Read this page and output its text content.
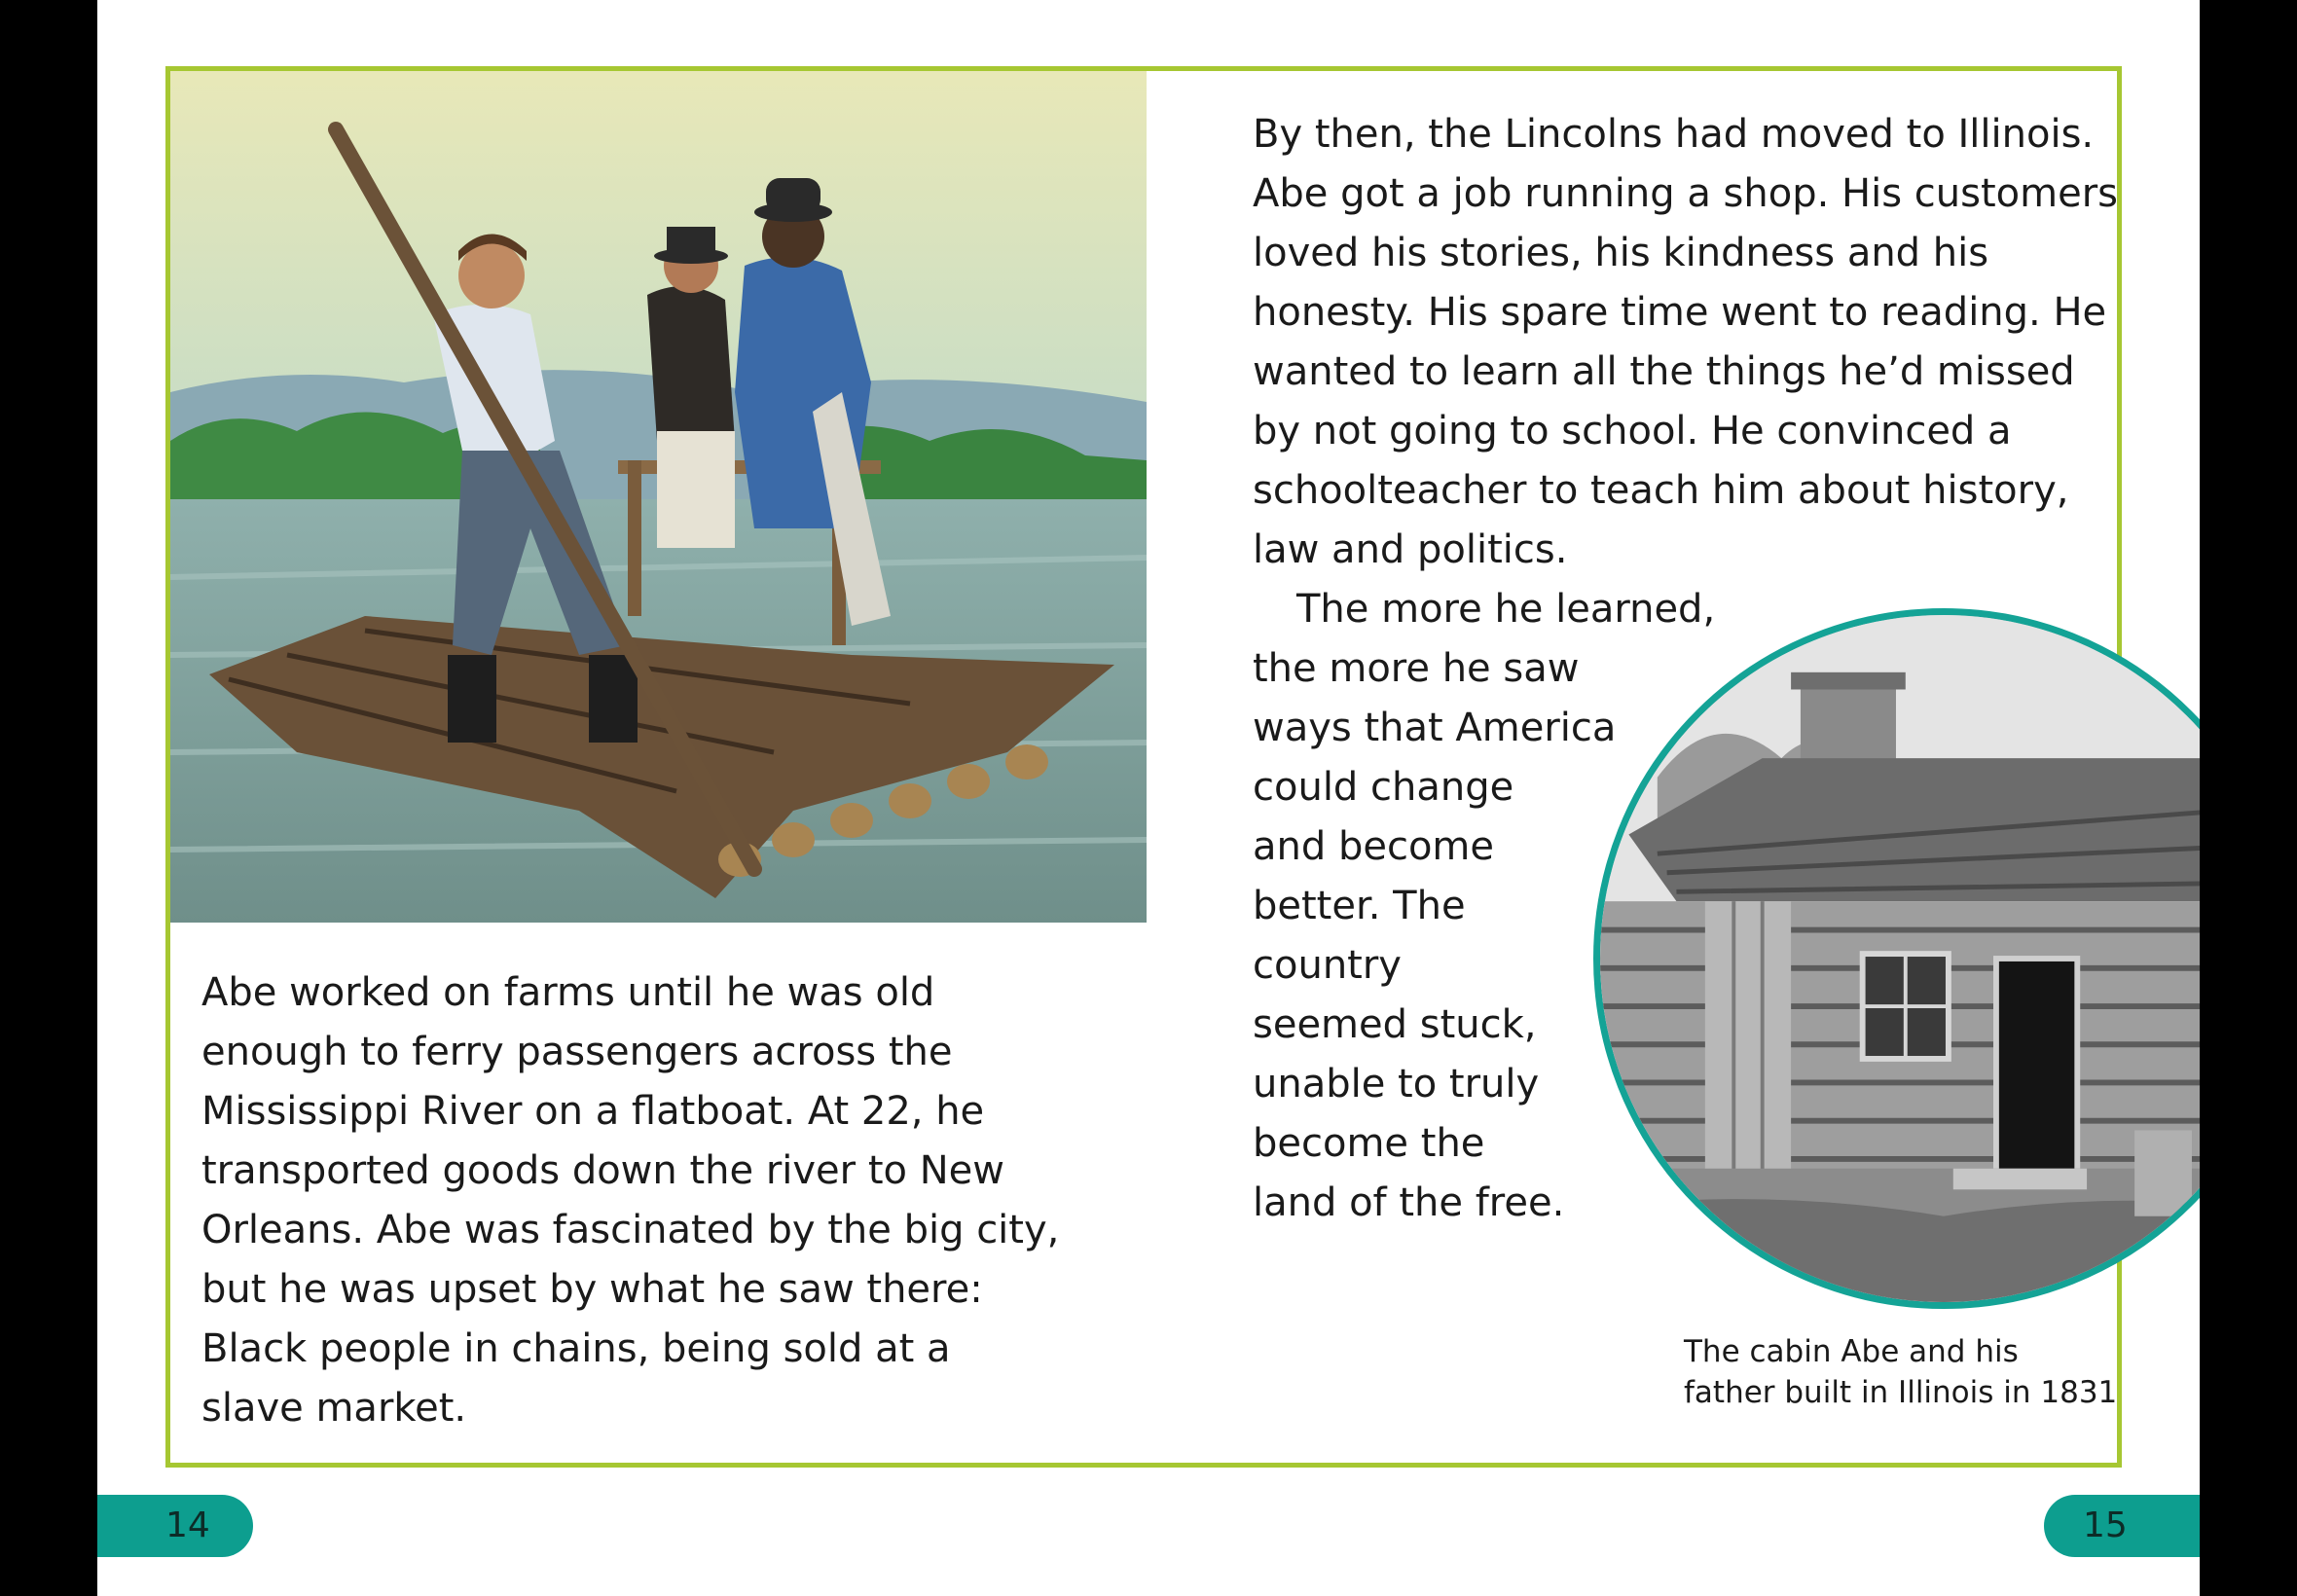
Abe worked on farms until he was old
enough to ferry passengers across the
Mississippi River on a flatboat. At 22, he
transported goods down the river to New
Orleans. Abe was fascinated by the big city,
but he was upset by what he saw there:
Black people in chains, being sold at a
slave market.
By then, the Lincolns had moved to Illinois.
Abe got a job running a shop. His customers
loved his stories, his kindness and his
honesty. His spare time went to reading. He
wanted to learn all the things he’d missed
by not going to school. He convinced a
schoolteacher to teach him about history,
law and politics.
The more he learned,
the more he saw
ways that America
could change
and become
better. The
country
seemed stuck,
unable to truly
become the
land of the free.
The cabin Abe and his
father built in Illinois in 1831
14	15
